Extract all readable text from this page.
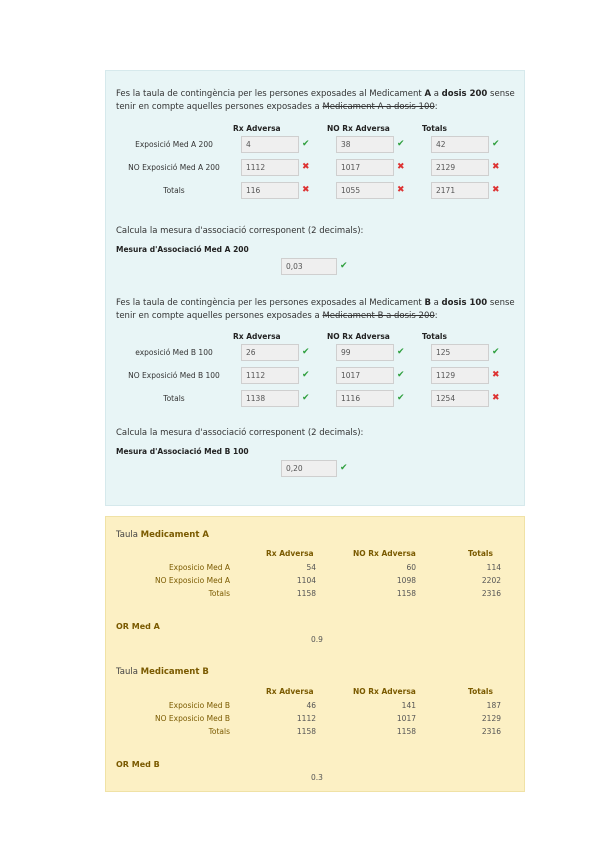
Fes la taula de contingència per les persones exposades al Medicament A a dosis 200 sense
tenir en compte aquelles persones exposades a Medicament A a dosis 100:
Rx Adversa	NO Rx Adversa	Totals
Exposició Med A 200	4	✔	38	✔	42	✔
NO Exposició Med A 200	1112	✖	1017	✖	2129	✖
Totals	116	✖	1055	✖	2171	✖
Calcula la mesura d'associació corresponent (2 decimals):
Mesura d'Associació Med A 200
0,03	✔
Fes la taula de contingència per les persones exposades al Medicament B a dosis 100 sense
tenir en compte aquelles persones exposades a Medicament B a dosis 200:
Rx Adversa	NO Rx Adversa	Totals
exposició Med B 100	26	✔	99	✔	125	✔
NO Exposició Med B 100	1112	✔	1017	✔	1129	✖
Totals	1138	✔	1116	✔	1254	✖
Calcula la mesura d'associació corresponent (2 decimals):
Mesura d'Associació Med B 100
0,20	✔
Taula Medicament A
Rx Adversa	NO Rx Adversa	Totals
Exposicio Med A	54	60	114
NO Exposicio Med A	1104	1098	2202
Totals	1158	1158	2316
OR Med A
0.9
Taula Medicament B
Rx Adversa	NO Rx Adversa	Totals
Exposicio Med B	46	141	187
NO Exposicio Med B	1112	1017	2129
Totals	1158	1158	2316
OR Med B
0.3
